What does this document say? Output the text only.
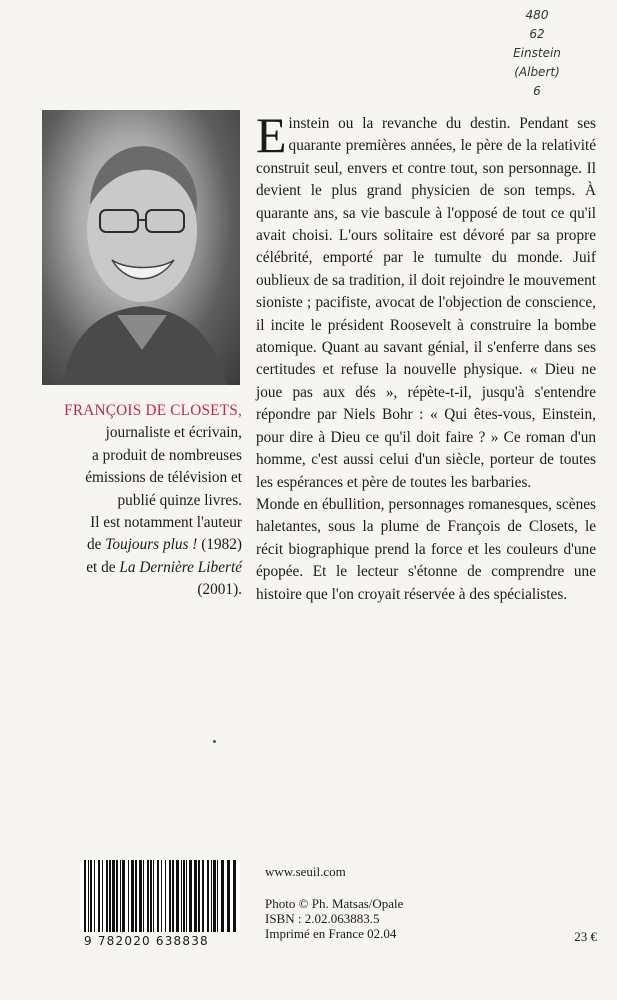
480
62
Einstein
(Albert)
6
FRANÇOIS DE CLOSETS,
journaliste et écrivain,
a produit de nombreuses
émissions de télévision et
publié quinze livres.
Il est notamment l'auteur
de Toujours plus ! (1982)
et de La Dernière Liberté
(2001).

Einstein ou la revanche du destin. Pendant ses quarante premières années, le père de la relativité construit seul, envers et contre tout, son personnage. Il devient le plus grand physicien de son temps. À quarante ans, sa vie bascule à l'opposé de tout ce qu'il avait choisi. L'ours solitaire est dévoré par sa propre célébrité, emporté par le tumulte du monde. Juif oublieux de sa tradition, il doit rejoindre le mouvement sioniste ; pacifiste, avocat de l'objection de conscience, il incite le président Roosevelt à construire la bombe atomique. Quant au savant génial, il s'enferre dans ses certitudes et refuse la nouvelle physique. « Dieu ne joue pas aux dés », répète-t-il, jusqu'à s'entendre répondre par Niels Bohr : « Qui êtes-vous, Einstein, pour dire à Dieu ce qu'il doit faire ? » Ce roman d'un homme, c'est aussi celui d'un siècle, porteur de toutes les espérances et père de toutes les barbaries.

Monde en ébullition, personnages romanesques, scènes haletantes, sous la plume de François de Closets, le récit biographique prend la force et les couleurs d'une épopée. Et le lecteur s'étonne de comprendre une histoire que l'on croyait réservée à des spécialistes.

9 782020 638838
www.seuil.com
Photo © Ph. Matsas/Opale
ISBN : 2.02.063883.5
Imprimé en France 02.04	23 €
